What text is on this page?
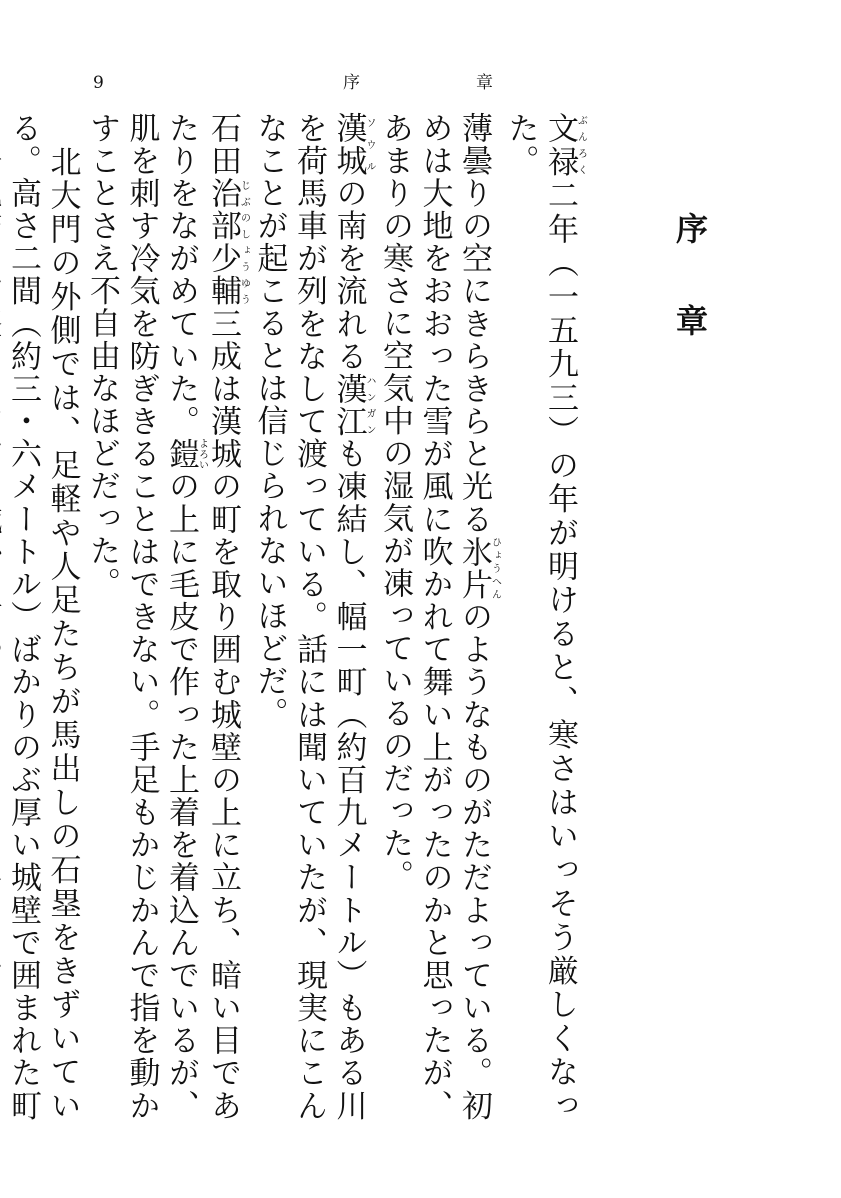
9	序	章
序　章

文禄ぶんろく二年（一五九三）の年が明けると、寒さはいっそう厳しくなった。

薄曇りの空にきらきらと光る氷片ひょうへんのようなものがただよっている。初めは大地をおおった雪が風に吹かれて舞い上がったのかと思ったが、あまりの寒さに空気中の湿気が凍っているのだった。

漢城ソウルの南を流れる漢江ハンガンも凍結し、幅一町（約百九メートル）もある川を荷馬車が列をなして渡っている。話には聞いていたが、現実にこんなことが起こるとは信じられないほどだ。

石田治部少輔じぶのしょうゆう三成は漢城の町を取り囲む城壁の上に立ち、暗い目であたりをながめていた。鎧よろいの上に毛皮で作った上着を着込んでいるが、肌を刺す冷気を防ぎきることはできない。手足もかじかんで指を動かすことさえ不自由なほどだった。

北大門の外側では、足軽や人足たちが馬出しの石塁をきずいている。高さ二間（約三・六メートル）ばかりのぶ厚い城壁で囲まれた町
